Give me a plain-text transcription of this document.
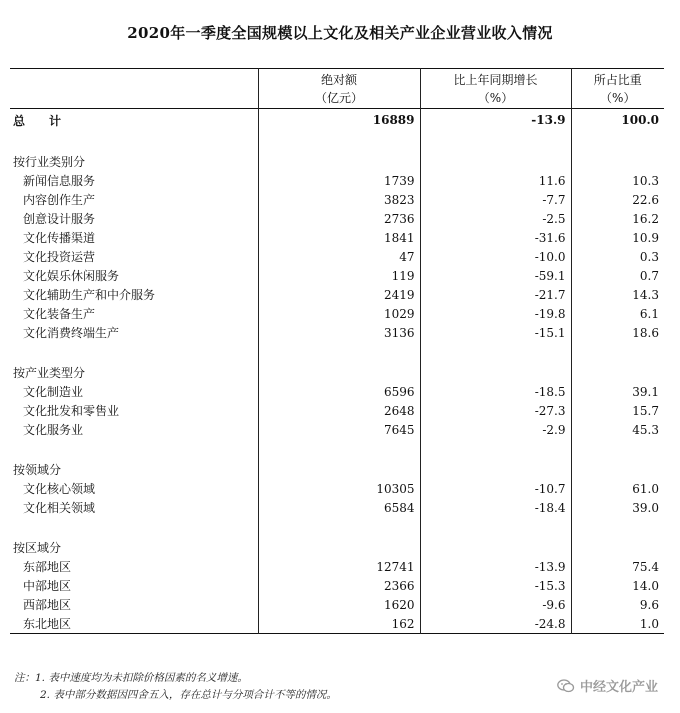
2020年一季度全国规模以上文化及相关产业企业营业收入情况
	绝对额	比上年同期增长	所占比重
	（亿元）	（%）	（%）
总　计	16889	-13.9	100.0

按行业类别分			
新闻信息服务	1739	11.6	10.3
内容创作生产	3823	-7.7	22.6
创意设计服务	2736	-2.5	16.2
文化传播渠道	1841	-31.6	10.9
文化投资运营	47	-10.0	0.3
文化娱乐休闲服务	119	-59.1	0.7
文化辅助生产和中介服务	2419	-21.7	14.3
文化装备生产	1029	-19.8	6.1
文化消费终端生产	3136	-15.1	18.6

按产业类型分			
文化制造业	6596	-18.5	39.1
文化批发和零售业	2648	-27.3	15.7
文化服务业	7645	-2.9	45.3

按领域分			
文化核心领域	10305	-10.7	61.0
文化相关领域	6584	-18.4	39.0

按区域分			
东部地区	12741	-13.9	75.4
中部地区	2366	-15.3	14.0
西部地区	1620	-9.6	9.6
东北地区	162	-24.8	1.0
注：1. 表中速度均为未扣除价格因素的名义增速。
2. 表中部分数据因四舍五入，存在总计与分项合计不等的情况。	中经文化产业
